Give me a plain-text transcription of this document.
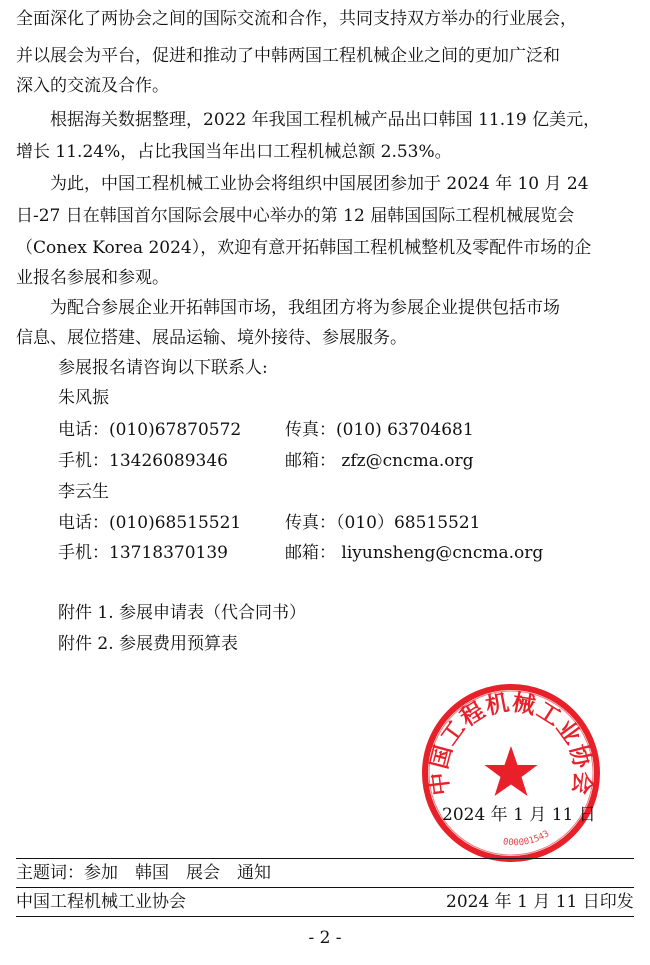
全面深化了两协会之间的国际交流和合作，共同支持双方举办的行业展会，
并以展会为平台，促进和推动了中韩两国工程机械企业之间的更加广泛和
深入的交流及合作。
　　根据海关数据整理，2022 年我国工程机械产品出口韩国 11.19 亿美元，
增长 11.24%，占比我国当年出口工程机械总额 2.53%。
　　为此，中国工程机械工业协会将组织中国展团参加于 2024 年 10 月 24
日-27 日在韩国首尔国际会展中心举办的第 12 届韩国国际工程机械展览会
（Conex Korea 2024），欢迎有意开拓韩国工程机械整机及零配件市场的企
业报名参展和参观。
　　为配合参展企业开拓韩国市场，我组团方将为参展企业提供包括市场
信息、展位搭建、展品运输、境外接待、参展服务。
参展报名请咨询以下联系人:
朱风振
电话：(010)67870572	传真：(010) 63704681
手机：13426089346	邮箱： zfz@cncma.org
李云生
电话：(010)68515521	传真：（010）68515521
手机：13718370139	邮箱： liyunsheng@cncma.org
附件 1. 参展申请表（代合同书）
附件 2. 参展费用预算表
中国工程机械工业协会
000001543
2024 年 1 月 11 日
主题词：参加　韩国　展会　通知
中国工程机械工业协会	2024 年 1 月 11 日印发
- 2 -
